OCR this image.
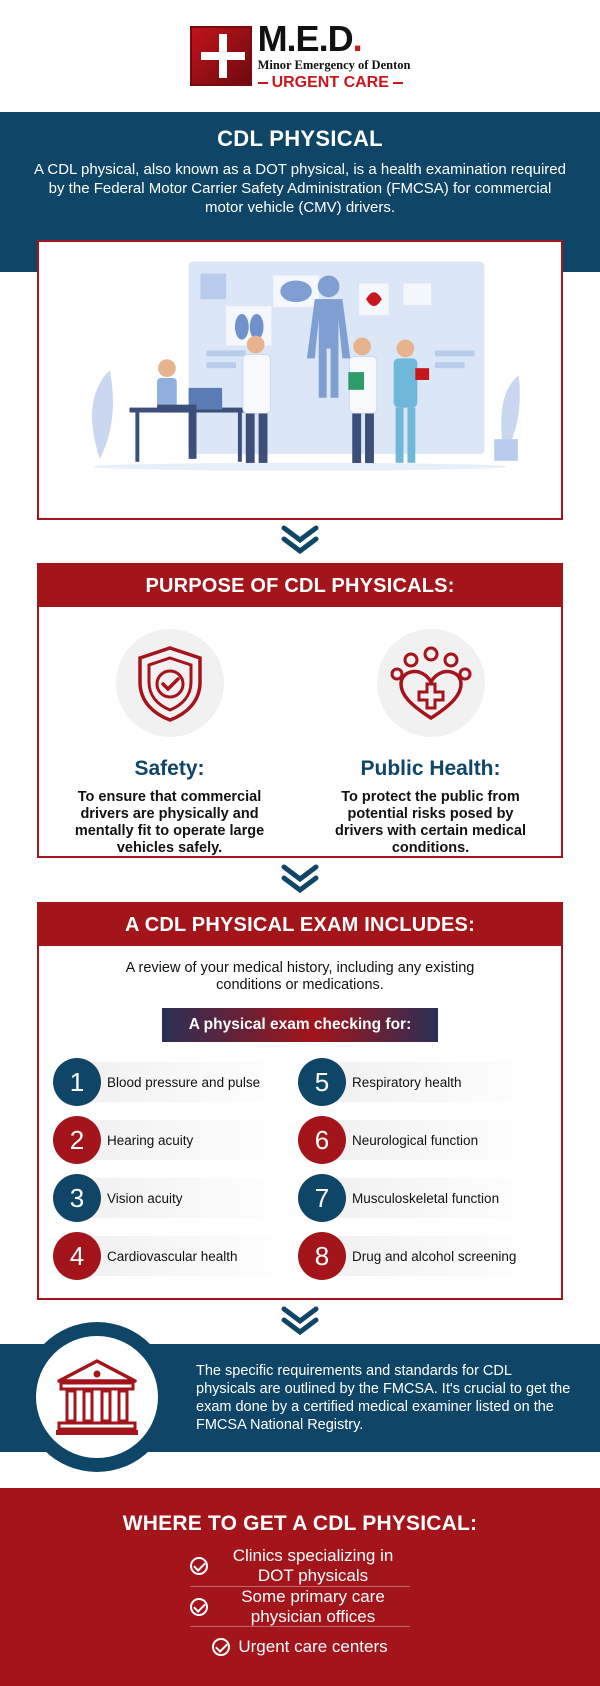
M.E.D.
Minor Emergency of Denton
URGENT CARE
CDL PHYSICAL

A CDL physical, also known as a DOT physical, is a health examination required by the Federal Motor Carrier Safety Administration (FMCSA) for commercial motor vehicle (CMV) drivers.

PURPOSE OF CDL PHYSICALS:
Safety:

To ensure that commercial drivers are physically and mentally fit to operate large vehicles safely.

Public Health:

To protect the public from potential risks posed by drivers with certain medical conditions.

A CDL PHYSICAL EXAM INCLUDES:

A review of your medical history, including any existing conditions or medications.

A physical exam checking for:
1	Blood pressure and pulse	5	Respiratory health
2	Hearing acuity	6	Neurological function
3	Vision acuity	7	Musculoskeletal function
4	Cardiovascular health	8	Drug and alcohol screening

The specific requirements and standards for CDL physicals are outlined by the FMCSA. It's crucial to get the exam done by a certified medical examiner listed on the FMCSA National Registry.

WHERE TO GET A CDL PHYSICAL:
Clinics specializing in DOT physicals
Some primary care physician offices
Urgent care centers
